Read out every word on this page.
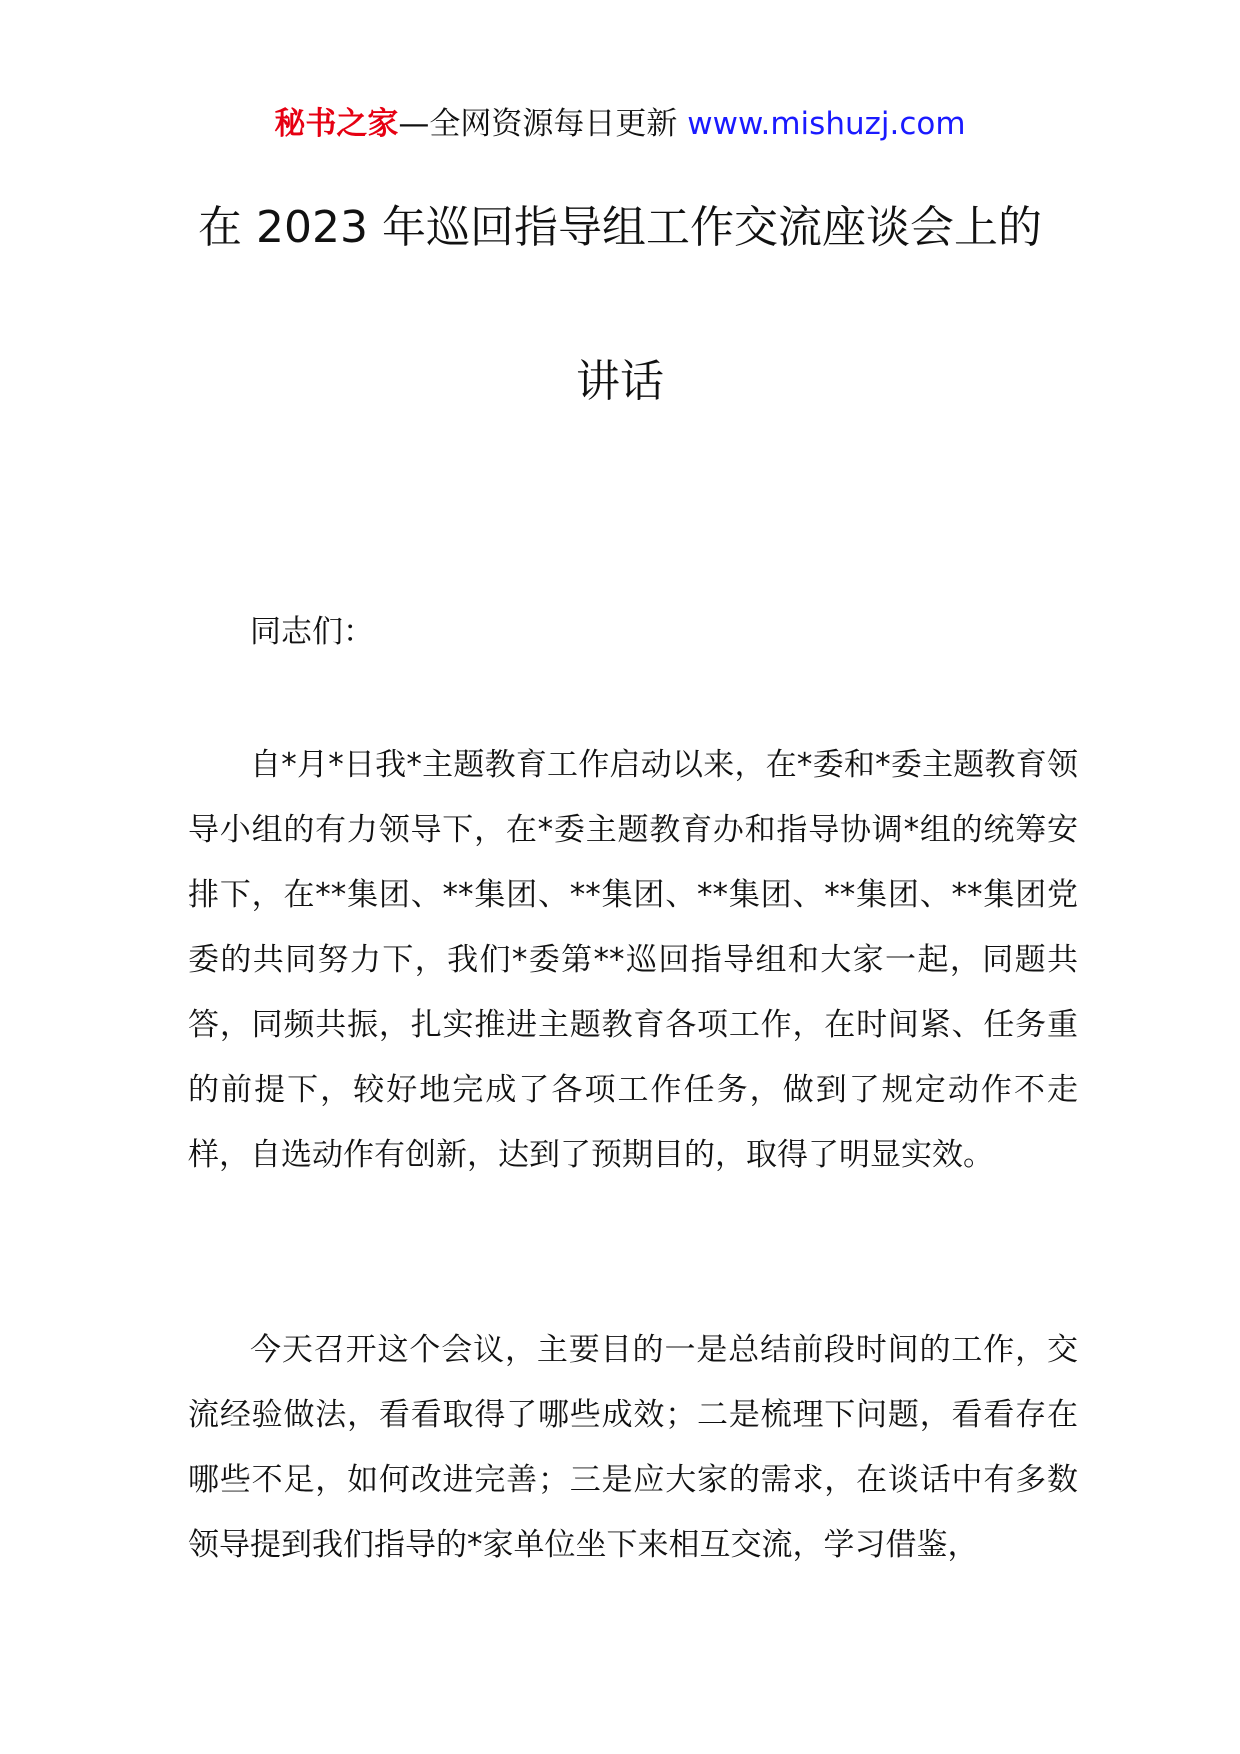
秘书之家—全网资源每日更新 www.mishuzj.com
在 2023 年巡回指导组工作交流座谈会上的
讲话
同志们：

自*月*日我*主题教育工作启动以来，在*委和*委主题教育领导小组的有力领导下，在*委主题教育办和指导协调*组的统筹安排下，在**集团、**集团、**集团、**集团、**集团、**集团党委的共同努力下，我们*委第**巡回指导组和大家一起，同题共答，同频共振，扎实推进主题教育各项工作，在时间紧、任务重的前提下，较好地完成了各项工作任务，做到了规定动作不走样，自选动作有创新，达到了预期目的，取得了明显实效。

今天召开这个会议，主要目的一是总结前段时间的工作，交流经验做法，看看取得了哪些成效；二是梳理下问题，看看存在哪些不足，如何改进完善；三是应大家的需求，在谈话中有多数领导提到我们指导的*家单位坐下来相互交流，学习借鉴，
